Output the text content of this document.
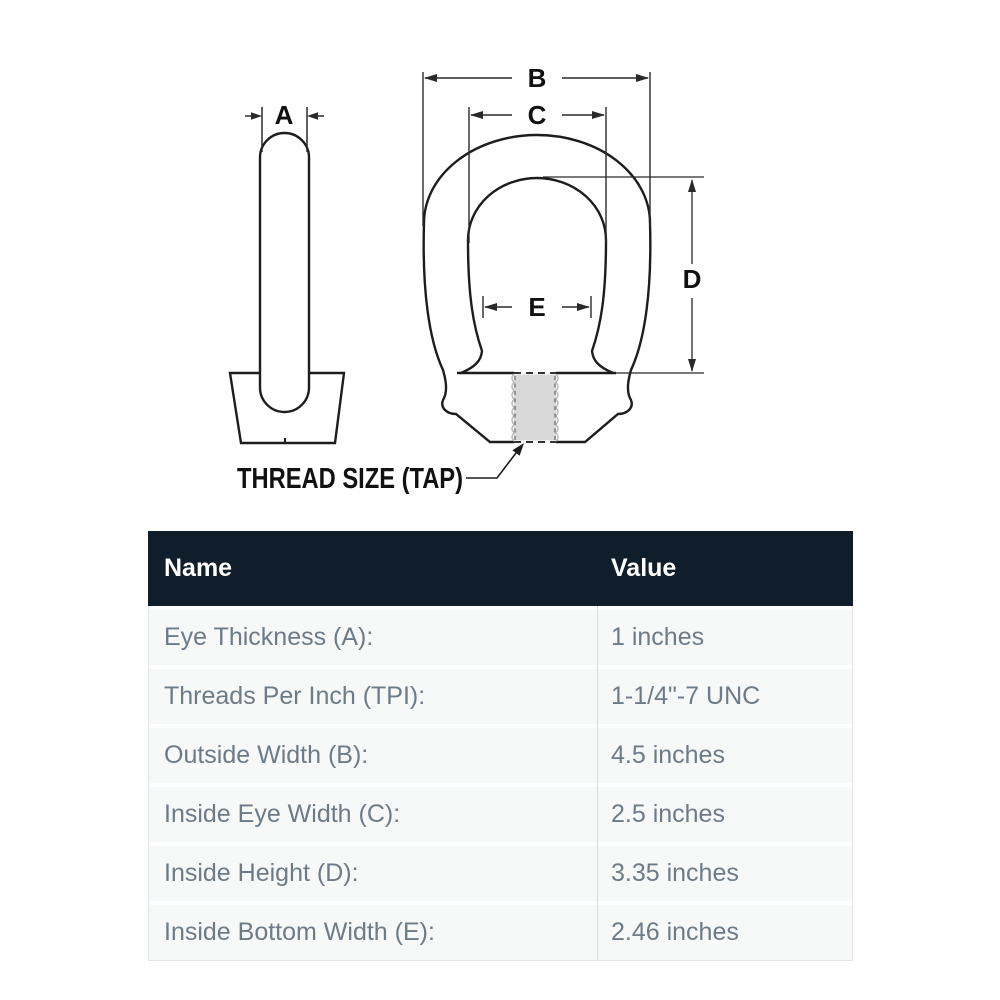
A
B
C
D
E
THREAD SIZE (TAP)
Name	Value
Eye Thickness (A):	1 inches
Threads Per Inch (TPI):	1-1/4"-7 UNC
Outside Width (B):	4.5 inches
Inside Eye Width (C):	2.5 inches
Inside Height (D):	3.35 inches
Inside Bottom Width (E):	2.46 inches
